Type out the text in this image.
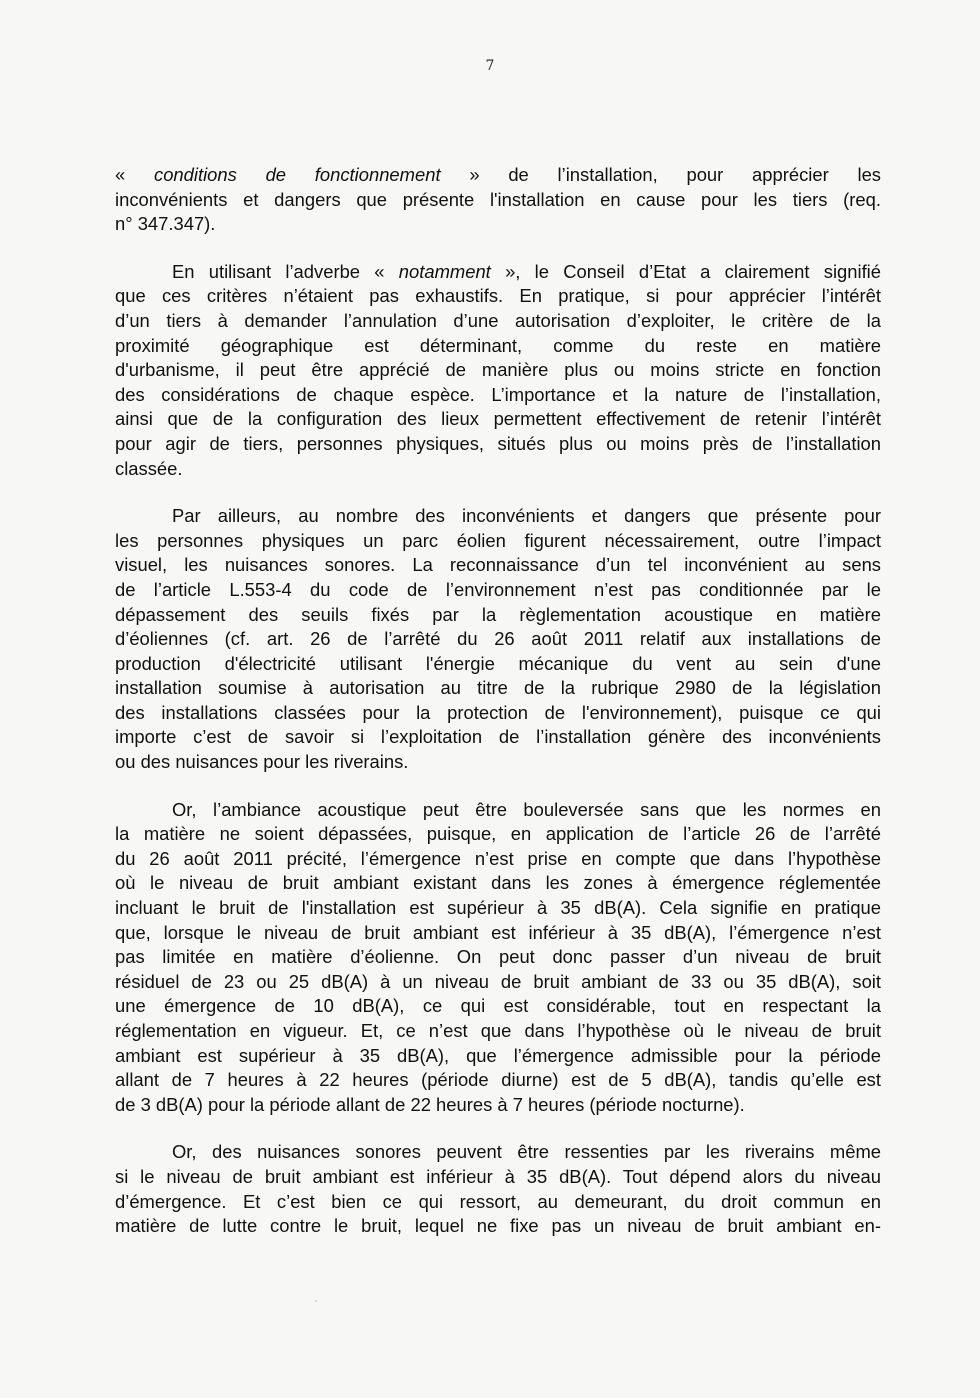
7
« conditions de fonctionnement » de l’installation, pour apprécier les
inconvénients et dangers que présente l'installation en cause pour les tiers (req.
n° 347.347).
En utilisant l’adverbe « notamment », le Conseil d’Etat a clairement signifié
que ces critères n’étaient pas exhaustifs. En pratique, si pour apprécier l’intérêt
d’un tiers à demander l’annulation d’une autorisation d’exploiter, le critère de la
proximité géographique est déterminant, comme du reste en matière
d'urbanisme, il peut être apprécié de manière plus ou moins stricte en fonction
des considérations de chaque espèce. L’importance et la nature de l’installation,
ainsi que de la configuration des lieux permettent effectivement de retenir l’intérêt
pour agir de tiers, personnes physiques, situés plus ou moins près de l’installation
classée.
Par ailleurs, au nombre des inconvénients et dangers que présente pour
les personnes physiques un parc éolien figurent nécessairement, outre l’impact
visuel, les nuisances sonores. La reconnaissance d’un tel inconvénient au sens
de l’article L.553-4 du code de l’environnement n’est pas conditionnée par le
dépassement des seuils fixés par la règlementation acoustique en matière
d’éoliennes (cf. art. 26 de l’arrêté du 26 août 2011 relatif aux installations de
production d'électricité utilisant l'énergie mécanique du vent au sein d'une
installation soumise à autorisation au titre de la rubrique 2980 de la législation
des installations classées pour la protection de l'environnement), puisque ce qui
importe c’est de savoir si l’exploitation de l’installation génère des inconvénients
ou des nuisances pour les riverains.
Or, l’ambiance acoustique peut être bouleversée sans que les normes en
la matière ne soient dépassées, puisque, en application de l’article 26 de l’arrêté
du 26 août 2011 précité, l’émergence n’est prise en compte que dans l’hypothèse
où le niveau de bruit ambiant existant dans les zones à émergence réglementée
incluant le bruit de l'installation est supérieur à 35 dB(A). Cela signifie en pratique
que, lorsque le niveau de bruit ambiant est inférieur à 35 dB(A), l’émergence n’est
pas limitée en matière d’éolienne. On peut donc passer d’un niveau de bruit
résiduel de 23 ou 25 dB(A) à un niveau de bruit ambiant de 33 ou 35 dB(A), soit
une émergence de 10 dB(A), ce qui est considérable, tout en respectant la
réglementation en vigueur. Et, ce n’est que dans l’hypothèse où le niveau de bruit
ambiant est supérieur à 35 dB(A), que l’émergence admissible pour la période
allant de 7 heures à 22 heures (période diurne) est de 5 dB(A), tandis qu’elle est
de 3 dB(A) pour la période allant de 22 heures à 7 heures (période nocturne).
Or, des nuisances sonores peuvent être ressenties par les riverains même
si le niveau de bruit ambiant est inférieur à 35 dB(A). Tout dépend alors du niveau
d’émergence. Et c’est bien ce qui ressort, au demeurant, du droit commun en
matière de lutte contre le bruit, lequel ne fixe pas un niveau de bruit ambiant en-
